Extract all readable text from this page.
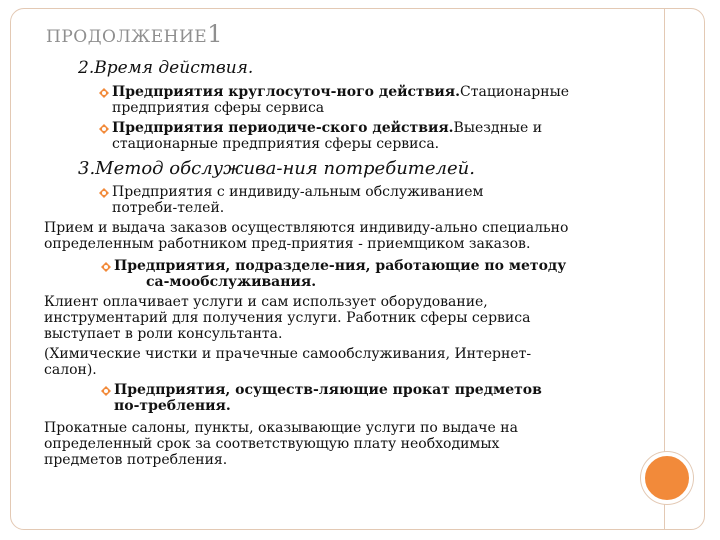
ПРОДОЛЖЕНИЕ1
2.Время действия.
Предприятия круглосуточ-ного действия.Стационарные
предприятия сферы сервиса
Предприятия периодиче-ского действия.Выездные и
стационарные предприятия сферы сервиса.
3.Метод обслужива-ния потребителей.
Предприятия с индивиду-альным обслуживанием
потреби-телей.
Прием и выдача заказов осуществляются индивиду-ально специально
определенным работником пред-приятия - приемщиком заказов.
Предприятия, подразделе-ния, работающие по методу
са-мообслуживания.
Клиент оплачивает услуги и сам использует оборудование,
инструментарий для получения услуги. Работник сферы сервиса
выступает в роли консультанта.
(Химические чистки и прачечные самообслуживания, Интернет-
салон).
Предприятия, осуществ-ляющие прокат предметов
по-требления.
Прокатные салоны, пункты, оказывающие услуги по выдаче на
определенный срок за соответствующую плату необходимых
предметов потребления.
